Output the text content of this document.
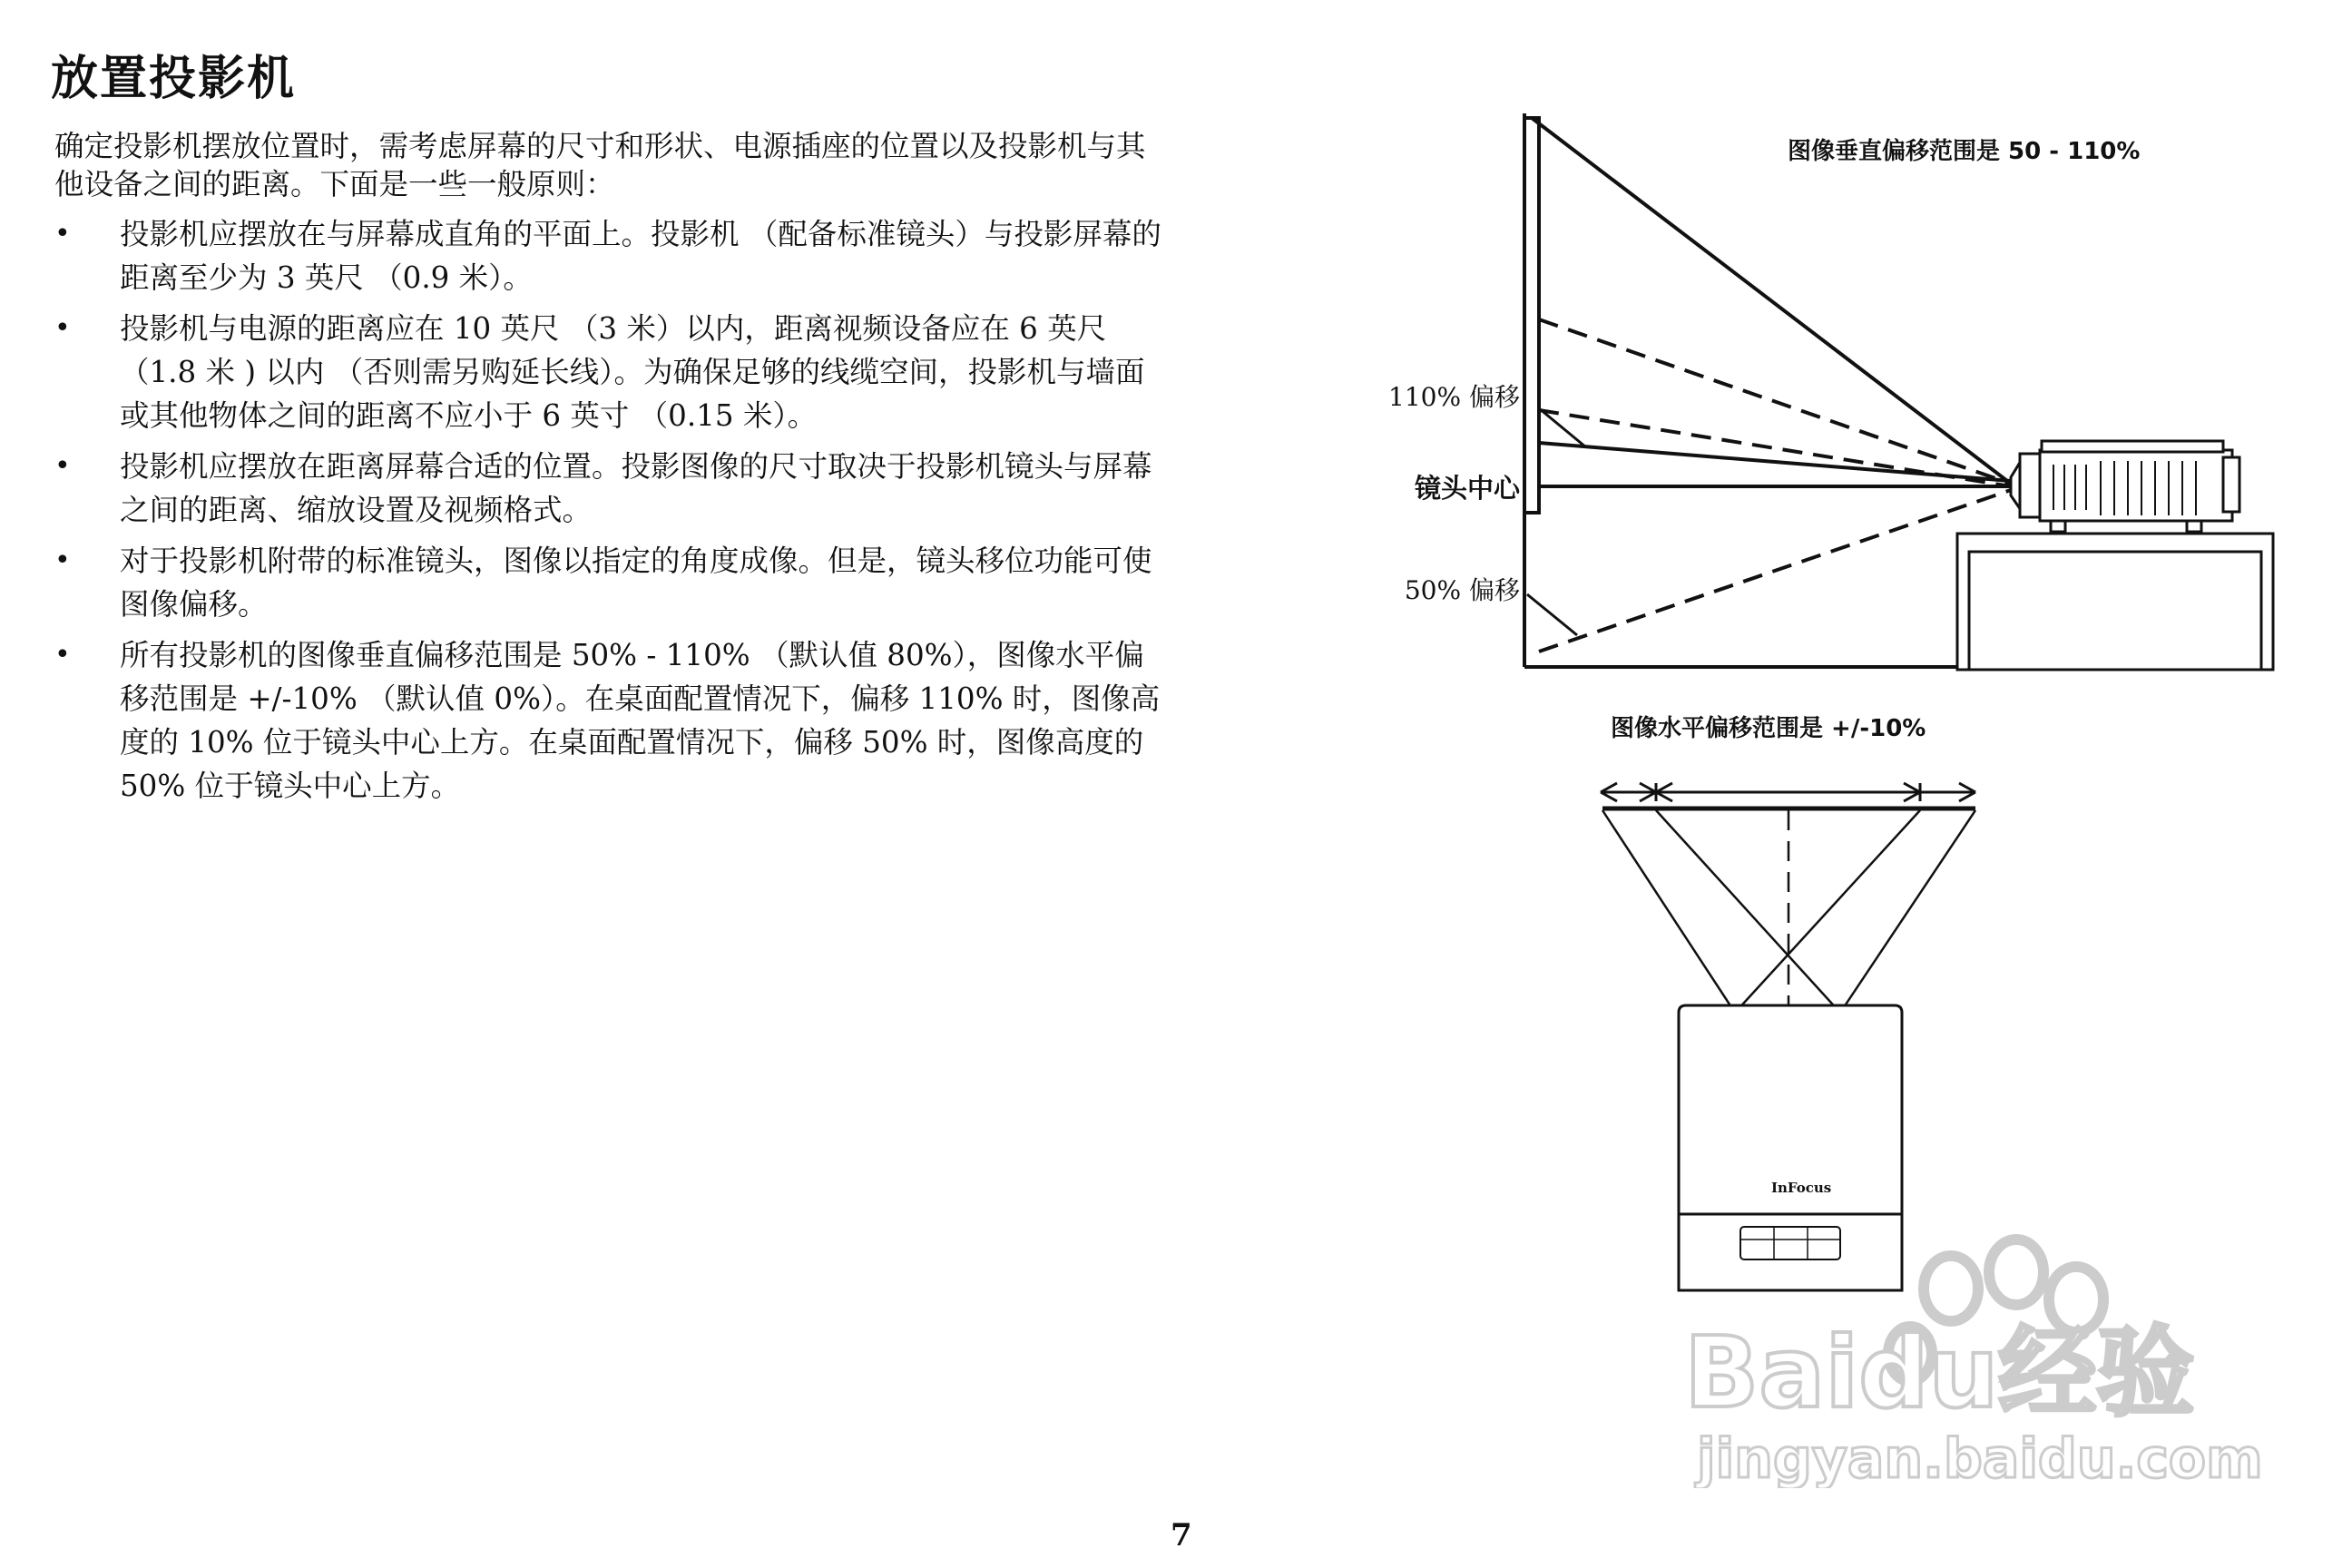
放置投影机

确定投影机摆放位置时，需考虑屏幕的尺寸和形状、电源插座的位置以及投影机与其他设备之间的距离。下面是一些一般原则：

• 投影机应摆放在与屏幕成直角的平面上。投影机 （配备标准镜头）与投影屏幕的距离至少为 3 英尺 （0.9 米）。
• 投影机与电源的距离应在 10 英尺 （3 米）以内，距离视频设备应在 6 英尺 （1.8 米 ) 以内 （否则需另购延长线）。为确保足够的线缆空间，投影机与墙面或其他物体之间的距离不应小于 6 英寸 （0.15 米）。
• 投影机应摆放在距离屏幕合适的位置。投影图像的尺寸取决于投影机镜头与屏幕之间的距离、缩放设置及视频格式。
• 对于投影机附带的标准镜头，图像以指定的角度成像。但是，镜头移位功能可使图像偏移。
• 所有投影机的图像垂直偏移范围是 50% - 110% （默认值 80%），图像水平偏移范围是 +/-10% （默认值 0%）。在桌面配置情况下，偏移 110% 时，图像高度的 10% 位于镜头中心上方。在桌面配置情况下，偏移 50% 时，图像高度的 50% 位于镜头中心上方。
图像垂直偏移范围是 50 - 110%
110% 偏移
镜头中心
50% 偏移
图像水平偏移范围是 +/-10%
InFocus
Baidu经验
jingyan.baidu.com
7
